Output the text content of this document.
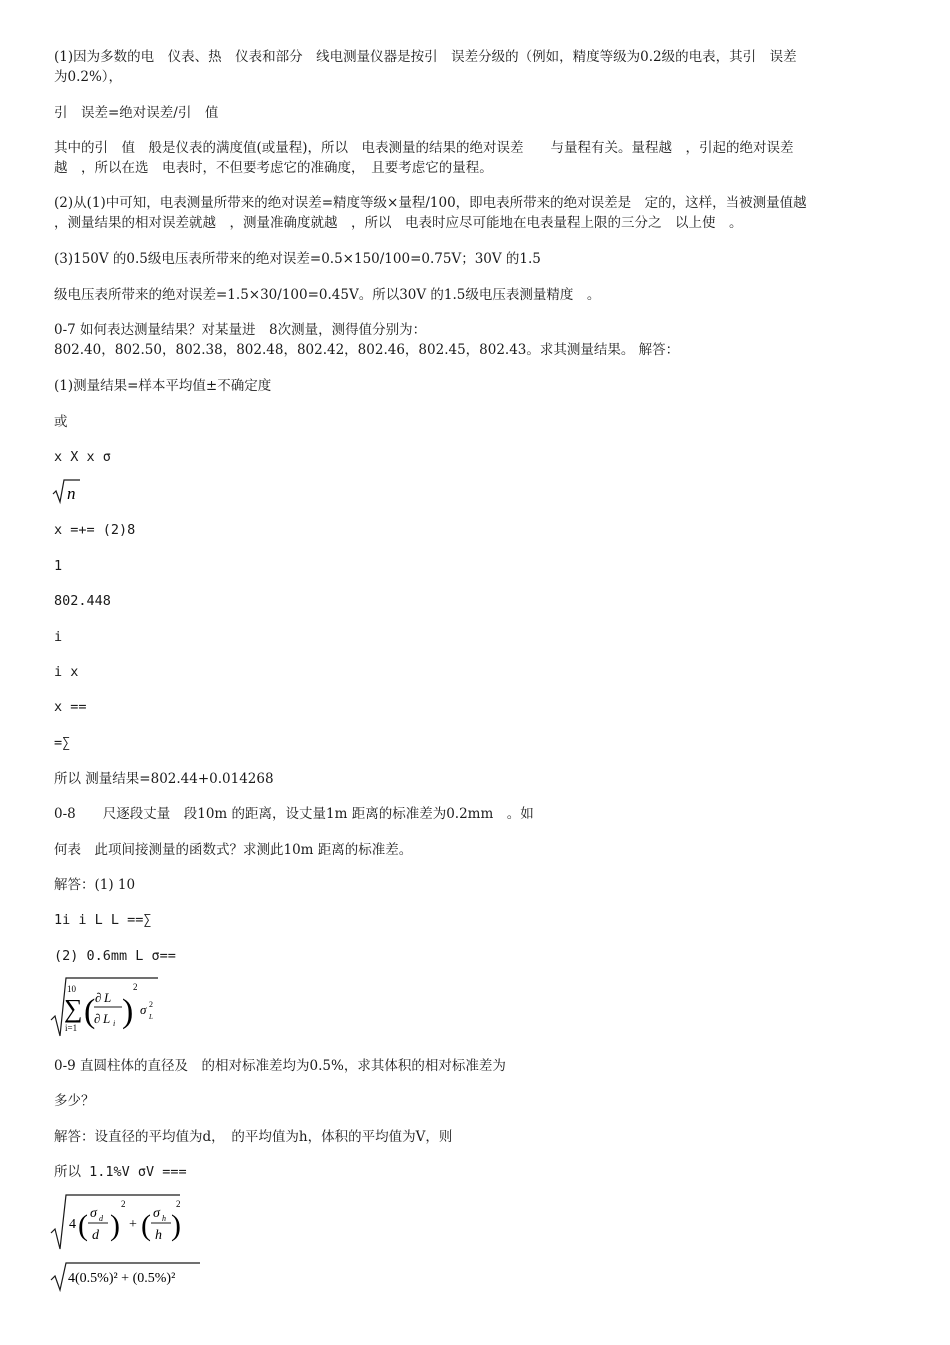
(1)因为多数的电　仪表、热　仪表和部分　线电测量仪器是按引　误差分级的（例如，精度等级为0.2级的电表，其引　误差
为0.2%），
引　误差=绝对误差/引　值
其中的引　值　般是仪表的满度值(或量程)，所以　电表测量的结果的绝对误差　　与量程有关。量程越　，引起的绝对误差
越　，所以在选　电表时，不但要考虑它的准确度，　且要考虑它的量程。
(2)从(1)中可知，电表测量所带来的绝对误差=精度等级×量程/100，即电表所带来的绝对误差是　定的，这样，当被测量值越
，测量结果的相对误差就越　，测量准确度就越　，所以　电表时应尽可能地在电表量程上限的三分之　以上使　。
(3)150V 的0.5级电压表所带来的绝对误差=0.5×150/100=0.75V；30V 的1.5
级电压表所带来的绝对误差=1.5×30/100=0.45V。所以30V 的1.5级电压表测量精度　。
0-7 如何表达测量结果？对某量进　8次测量，测得值分别为：
802.40，802.50，802.38，802.48，802.42，802.46，802.45，802.43。求其测量结果。 解答：
(1)测量结果=样本平均值±不确定度
或
x X x σ
n
x =+= (2)8
1
802.448
i
i x
x ==
=∑
所以 测量结果=802.44+0.014268
0-8　　尺逐段丈量　段10m 的距离，设丈量1m 距离的标准差为0.2mm　。如
何表　此项间接测量的函数式？求测此10m 距离的标准差。
解答：(1) 10
1i i L L ==∑
(2) 0.6mm L σ==
10
∑
i=1 ( ∂ L
∂ L i )
2
σ 2
L
0-9 直圆柱体的直径及　的相对标准差均为0.5%，求其体积的相对标准差为
多少？
解答：设直径的平均值为d，　的平均值为h，体积的平均值为V，则
所以 1.1%V σV ===
4 ( σ d
d )
2
+ ( σ h
h )
2
4(0.5%)² + (0.5%)²
